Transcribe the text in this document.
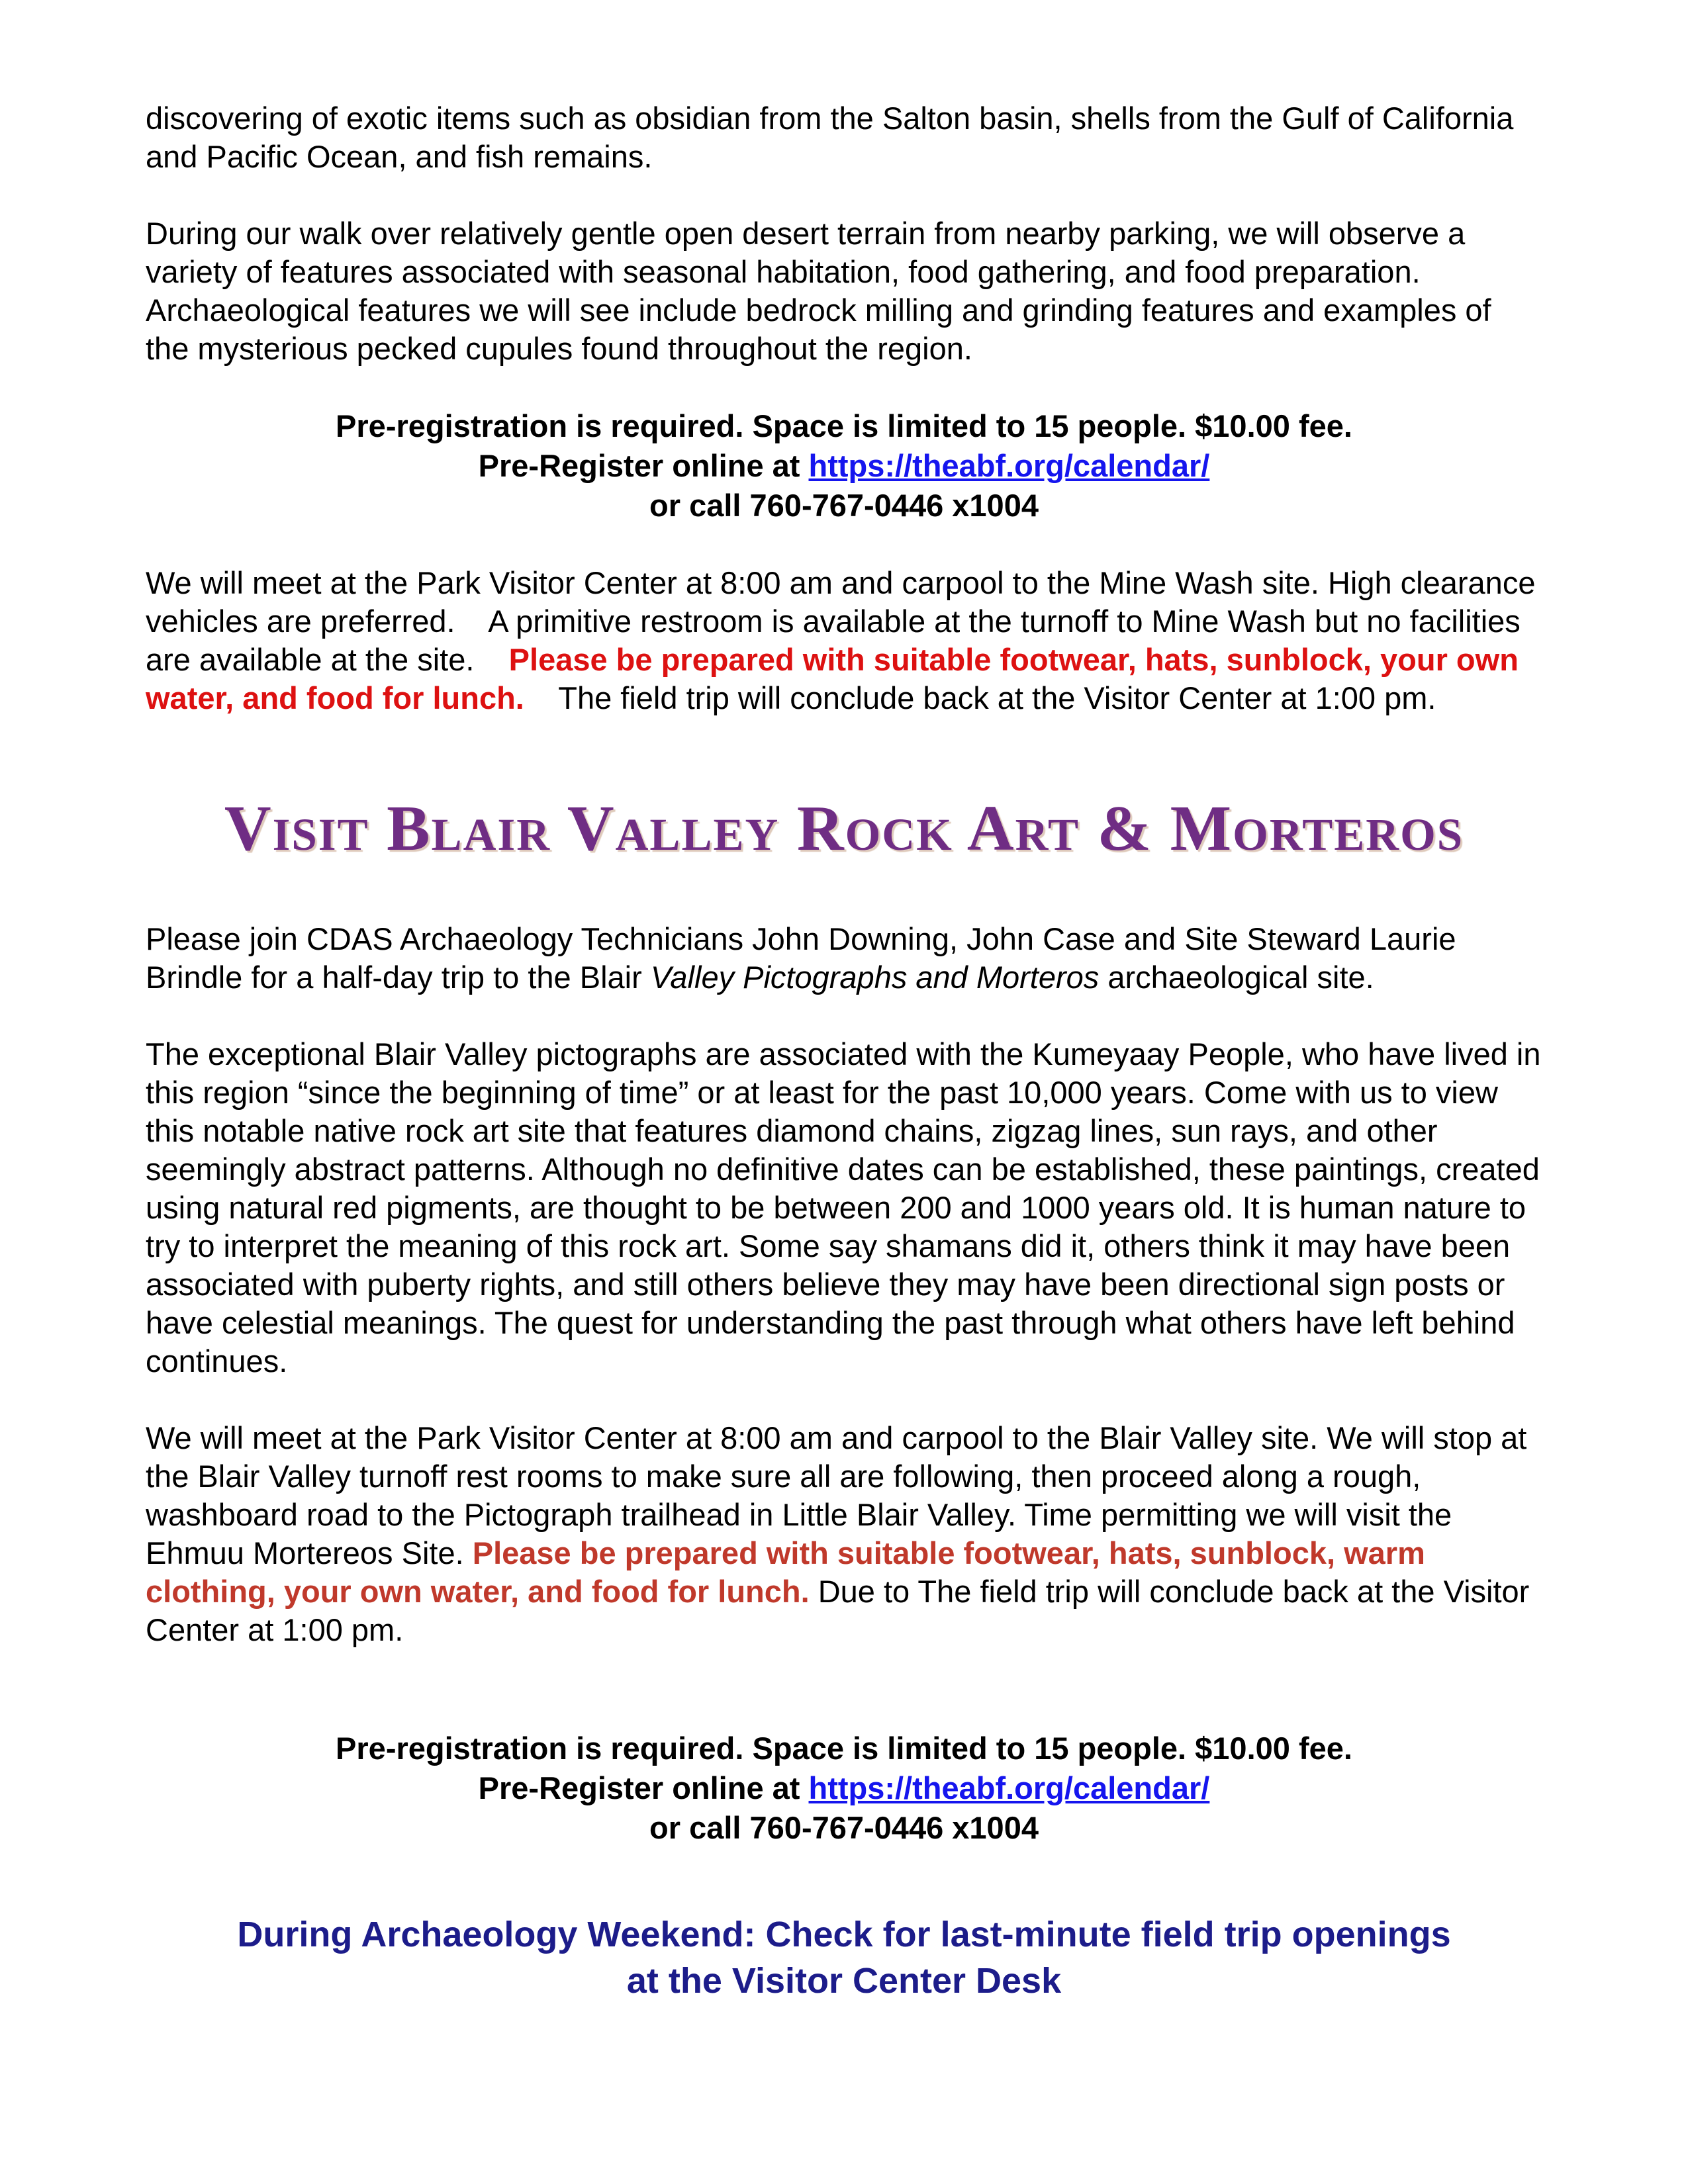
discovering of exotic items such as obsidian from the Salton basin, shells from the Gulf of California and Pacific Ocean, and fish remains.

During our walk over relatively gentle open desert terrain from nearby parking, we will observe a variety of features associated with seasonal habitation, food gathering, and food preparation. Archaeological features we will see include bedrock milling and grinding features and examples of the mysterious pecked cupules found throughout the region.

Pre-registration is required. Space is limited to 15 people. $10.00 fee.

Pre-Register online at https://theabf.org/calendar/

or call 760-767-0446 x1004

We will meet at the Park Visitor Center at 8:00 am and carpool to the Mine Wash site. High clearance vehicles are preferred.    A primitive restroom is available at the turnoff to Mine Wash but no facilities are available at the site.    Please be prepared with suitable footwear, hats, sunblock, your own water, and food for lunch.    The field trip will conclude back at the Visitor Center at 1:00 pm.

Visit Blair Valley Rock Art & Morteros

Please join CDAS Archaeology Technicians John Downing, John Case and Site Steward Laurie Brindle for a half-day trip to the Blair Valley Pictographs and Morteros archaeological site.

The exceptional Blair Valley pictographs are associated with the Kumeyaay People, who have lived in this region “since the beginning of time” or at least for the past 10,000 years. Come with us to view this notable native rock art site that features diamond chains, zigzag lines, sun rays, and other seemingly abstract patterns. Although no definitive dates can be established, these paintings, created using natural red pigments, are thought to be between 200 and 1000 years old. It is human nature to try to interpret the meaning of this rock art. Some say shamans did it, others think it may have been associated with puberty rights, and still others believe they may have been directional sign posts or have celestial meanings. The quest for understanding the past through what others have left behind continues.

We will meet at the Park Visitor Center at 8:00 am and carpool to the Blair Valley site. We will stop at the Blair Valley turnoff rest rooms to make sure all are following, then proceed along a rough, washboard road to the Pictograph trailhead in Little Blair Valley. Time permitting we will visit the Ehmuu Mortereos Site. Please be prepared with suitable footwear, hats, sunblock, warm clothing, your own water, and food for lunch. Due to The field trip will conclude back at the Visitor Center at 1:00 pm.

Pre-registration is required. Space is limited to 15 people. $10.00 fee.

Pre-Register online at https://theabf.org/calendar/

or call 760-767-0446 x1004

During Archaeology Weekend: Check for last-minute field trip openings
at the Visitor Center Desk
